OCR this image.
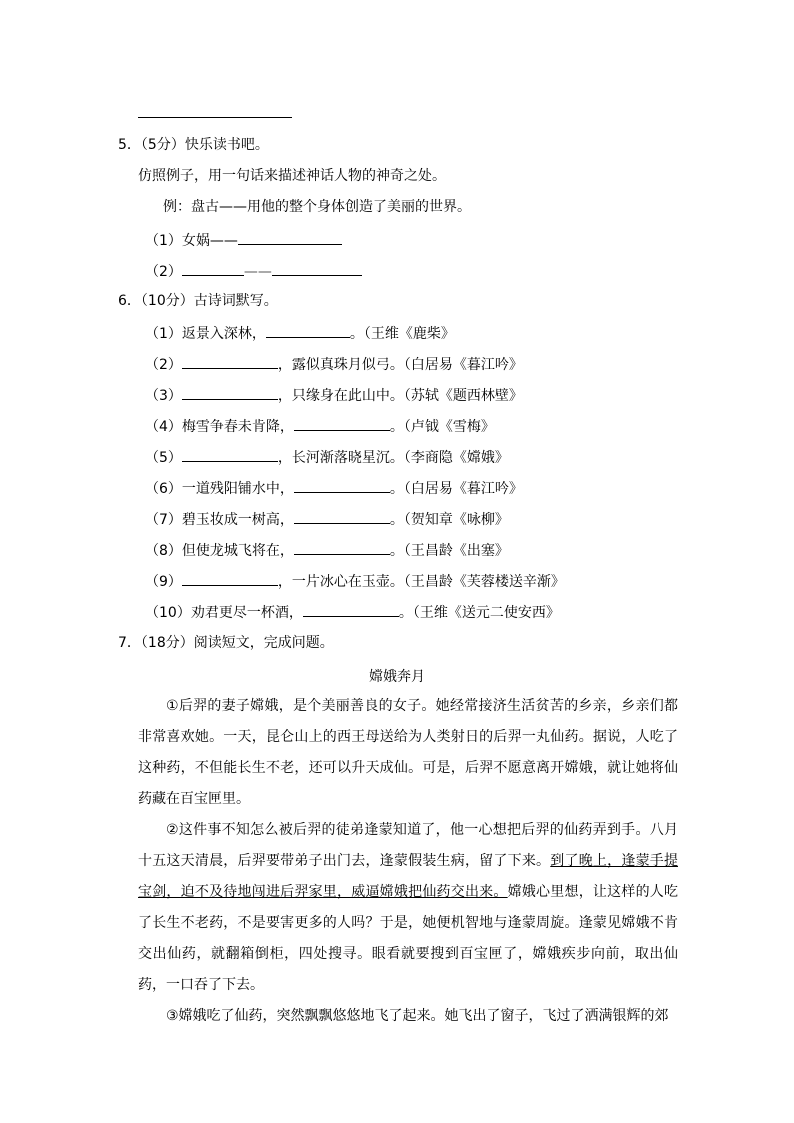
5．（5分）快乐读书吧。
仿照例子，用一句话来描述神话人物的神奇之处。
例：盘古——用他的整个身体创造了美丽的世界。
（1）女娲——
（2）	——
6．（10分）古诗词默写。
（1）返景入深林，	。（王维《鹿柴》
（2）	，露似真珠月似弓。（白居易《暮江吟》
（3）	，只缘身在此山中。（苏轼《题西林壁》
（4）梅雪争春未肯降，	。（卢钺《雪梅》
（5）	，长河渐落晓星沉。（李商隐《嫦娥》
（6）一道残阳铺水中，	。（白居易《暮江吟》
（7）碧玉妆成一树高，	。（贺知章《咏柳》
（8）但使龙城飞将在，	。（王昌龄《出塞》
（9）	，一片冰心在玉壶。（王昌龄《芙蓉楼送辛渐》
（10）劝君更尽一杯酒，	。（王维《送元二使安西》
7．（18分）阅读短文，完成问题。
嫦娥奔月
①后羿的妻子嫦娥，是个美丽善良的女子。她经常接济生活贫苦的乡亲，乡亲们都非常喜欢她。一天，昆仑山上的西王母送给为人类射日的后羿一丸仙药。据说，人吃了这种药，不但能长生不老，还可以升天成仙。可是，后羿不愿意离开嫦娥，就让她将仙药藏在百宝匣里。
②这件事不知怎么被后羿的徒弟逢蒙知道了，他一心想把后羿的仙药弄到手。八月十五这天清晨，后羿要带弟子出门去，逢蒙假装生病，留了下来。到了晚上，逢蒙手提宝剑，迫不及待地闯进后羿家里，威逼嫦娥把仙药交出来。嫦娥心里想，让这样的人吃了长生不老药，不是要害更多的人吗？于是，她便机智地与逢蒙周旋。逢蒙见嫦娥不肯交出仙药，就翻箱倒柜，四处搜寻。眼看就要搜到百宝匣了，嫦娥疾步向前，取出仙药，一口吞了下去。
③嫦娥吃了仙药，突然飘飘悠悠地飞了起来。她飞出了窗子，飞过了洒满银辉的郊
